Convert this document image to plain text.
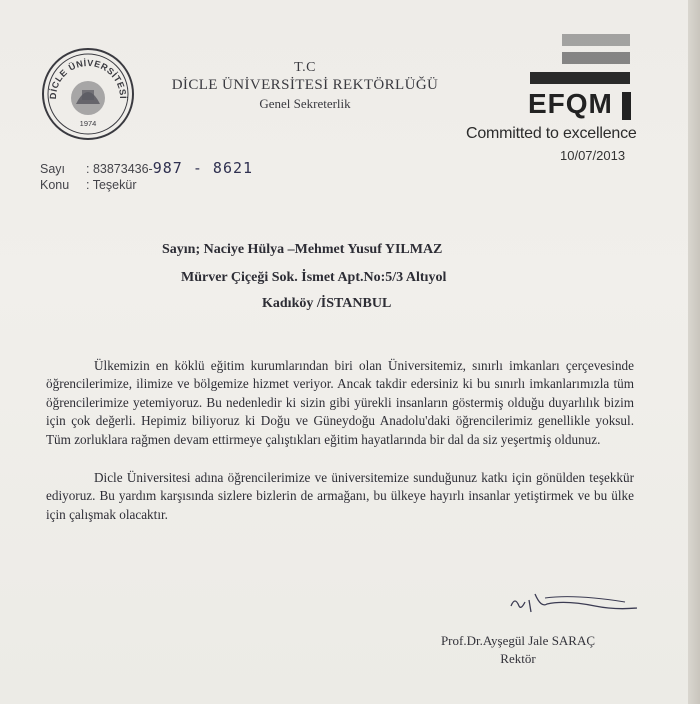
DİCLE ÜNİVERSİTESİ
1974
T.C
DİCLE ÜNİVERSİTESİ REKTÖRLÜĞÜ
Genel Sekreterlik	EFQM
Committed to excellence
10/07/2013
Sayı : 83873436-987 - 8621
Konu : Teşekür
Sayın; Naciye Hülya –Mehmet Yusuf YILMAZ
Mürver Çiçeği Sok. İsmet Apt.No:5/3 Altıyol
Kadıköy /İSTANBUL

Ülkemizin en köklü eğitim kurumlarından biri olan Üniversitemiz, sınırlı imkanları çerçevesinde öğrencilerimize, ilimize ve bölgemize hizmet veriyor. Ancak takdir edersiniz ki bu sınırlı imkanlarımızla tüm öğrencilerimize yetemiyoruz. Bu nedenledir ki sizin gibi yürekli insanların göstermiş olduğu duyarlılık bizim için çok değerli. Hepimiz biliyoruz ki Doğu ve Güneydoğu Anadolu'daki öğrencilerimiz genellikle yoksul. Tüm zorluklara rağmen devam ettirmeye çalıştıkları eğitim hayatlarında bir dal da siz yeşertmiş oldunuz.

Dicle Üniversitesi adına öğrencilerimize ve üniversitemize sunduğunuz katkı için gönülden teşekkür ediyoruz. Bu yardım karşısında sizlere bizlerin de armağanı, bu ülkeye hayırlı insanlar yetiştirmek ve bu ülke için çalışmak olacaktır.

Prof.Dr.Ayşegül Jale SARAÇ
Rektör
